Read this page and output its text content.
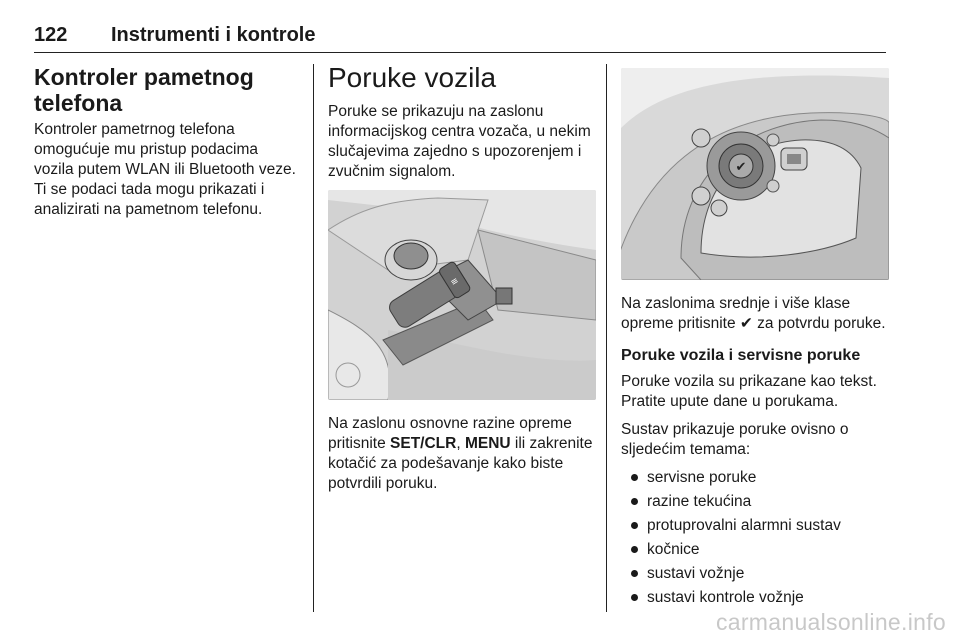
122 Instrumenti i kontrole
Kontroler pametnog telefona

Kontroler pametrnog telefona omogućuje mu pristup podacima vozila putem WLAN ili Bluetooth veze. Ti se podaci tada mogu prikazati i analizirati na pametnom telefonu.

Poruke vozila

Poruke se prikazuju na zaslonu informacijskog centra vozača, u nekim slučajevima zajedno s upozorenjem i zvučnim signalom.

≡

Na zaslonu osnovne razine opreme pritisnite SET/CLR, MENU ili zakrenite kotačić za podešavanje kako biste potvrdili poruku.

✔

Na zaslonima srednje i više klase opreme pritisnite ✔ za potvrdu poruke.

Poruke vozila i servisne poruke

Poruke vozila su prikazane kao tekst. Pratite upute dane u porukama.

Sustav prikazuje poruke ovisno o sljedećim temama:

servisne poruke
razine tekućina
protuprovalni alarmni sustav
kočnice
sustavi vožnje
sustavi kontrole vožnje
carmanualsonline.info
